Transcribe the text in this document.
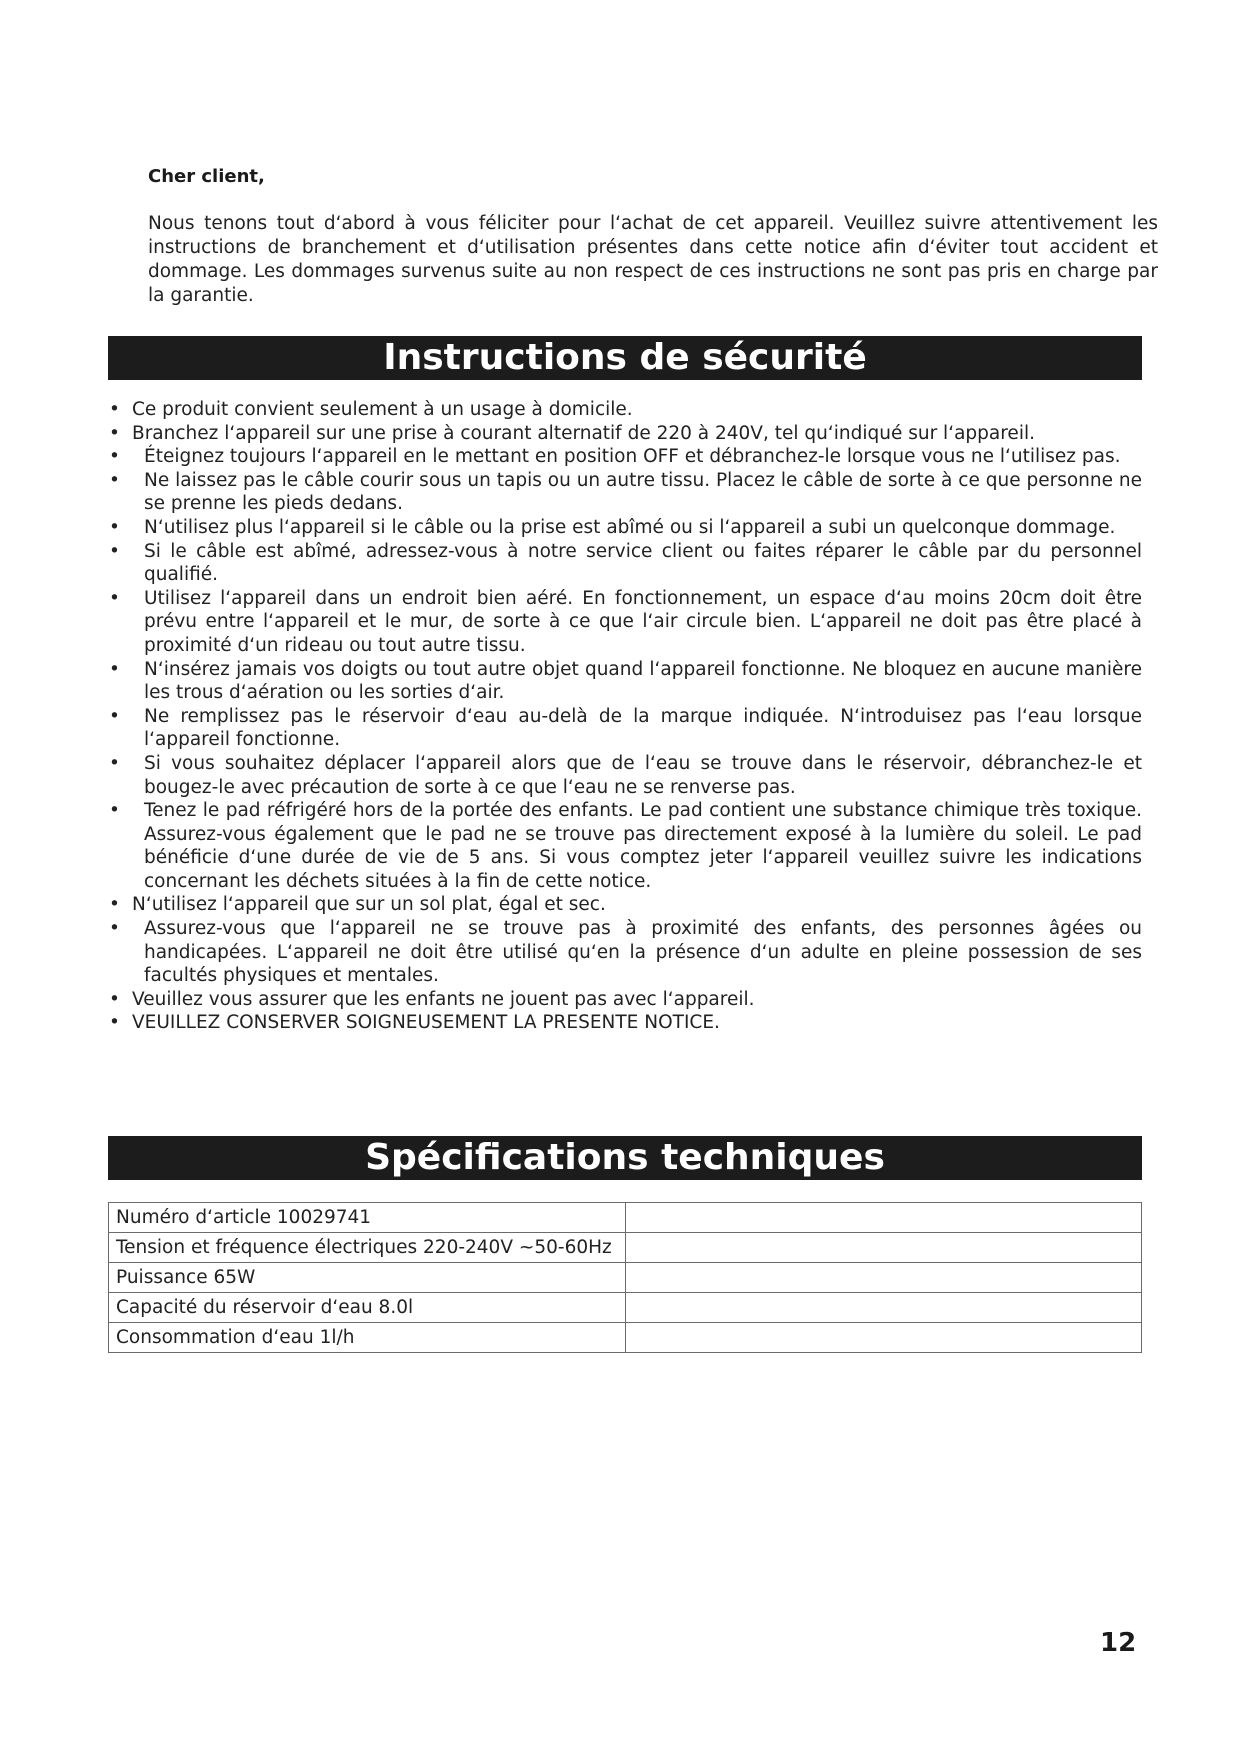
Cher client,

Nous tenons tout d‘abord à vous féliciter pour l‘achat de cet appareil. Veuillez suivre attentivement les instructions de branchement et d‘utilisation présentes dans cette notice afin d‘éviter tout accident et dommage. Les dommages survenus suite au non respect de ces instructions ne sont pas pris en charge par la garantie.

Instructions de sécurité
• Ce produit convient seulement à un usage à domicile.
• Branchez l‘appareil sur une prise à courant alternatif de 220 à 240V, tel qu‘indiqué sur l‘appareil.
• Éteignez toujours l‘appareil en le mettant en position OFF et débranchez-le lorsque vous ne l‘utilisez pas.
• Ne laissez pas le câble courir sous un tapis ou un autre tissu. Placez le câble de sorte à ce que personne ne se prenne les pieds dedans.
• N‘utilisez plus l‘appareil si le câble ou la prise est abîmé ou si l‘appareil a subi un quelconque dommage.
• Si le câble est abîmé, adressez-vous à notre service client ou faites réparer le câble par du personnel qualifié.
• Utilisez l‘appareil dans un endroit bien aéré. En fonctionnement, un espace d‘au moins 20cm doit être prévu entre l‘appareil et le mur, de sorte à ce que l‘air circule bien. L‘appareil ne doit pas être placé à proximité d‘un rideau ou tout autre tissu.
• N‘insérez jamais vos doigts ou tout autre objet quand l‘appareil fonctionne. Ne bloquez en aucune manière les trous d‘aération ou les sorties d‘air.
• Ne remplissez pas le réservoir d‘eau au-delà de la marque indiquée. N‘introduisez pas l‘eau lorsque l‘appareil fonctionne.
• Si vous souhaitez déplacer l‘appareil alors que de l‘eau se trouve dans le réservoir, débranchez-le et bougez-le avec précaution de sorte à ce que l‘eau ne se renverse pas.
• Tenez le pad réfrigéré hors de la portée des enfants. Le pad contient une substance chimique très toxique. Assurez-vous également que le pad ne se trouve pas directement exposé à la lumière du soleil. Le pad bénéficie d‘une durée de vie de 5 ans. Si vous comptez jeter l‘appareil veuillez suivre les indications concernant les déchets situées à la fin de cette notice.
• N‘utilisez l‘appareil que sur un sol plat, égal et sec.
• Assurez-vous que l‘appareil ne se trouve pas à proximité des enfants, des personnes âgées ou handicapées. L‘appareil ne doit être utilisé qu‘en la présence d‘un adulte en pleine possession de ses facultés physiques et mentales.
• Veuillez vous assurer que les enfants ne jouent pas avec l‘appareil.
• VEUILLEZ CONSERVER SOIGNEUSEMENT LA PRESENTE NOTICE.
Spécifications techniques
Numéro d‘article 10029741	
Tension et fréquence électriques 220-240V ~50-60Hz	
Puissance 65W	
Capacité du réservoir d‘eau 8.0l	
Consommation d‘eau 1l/h	
12
